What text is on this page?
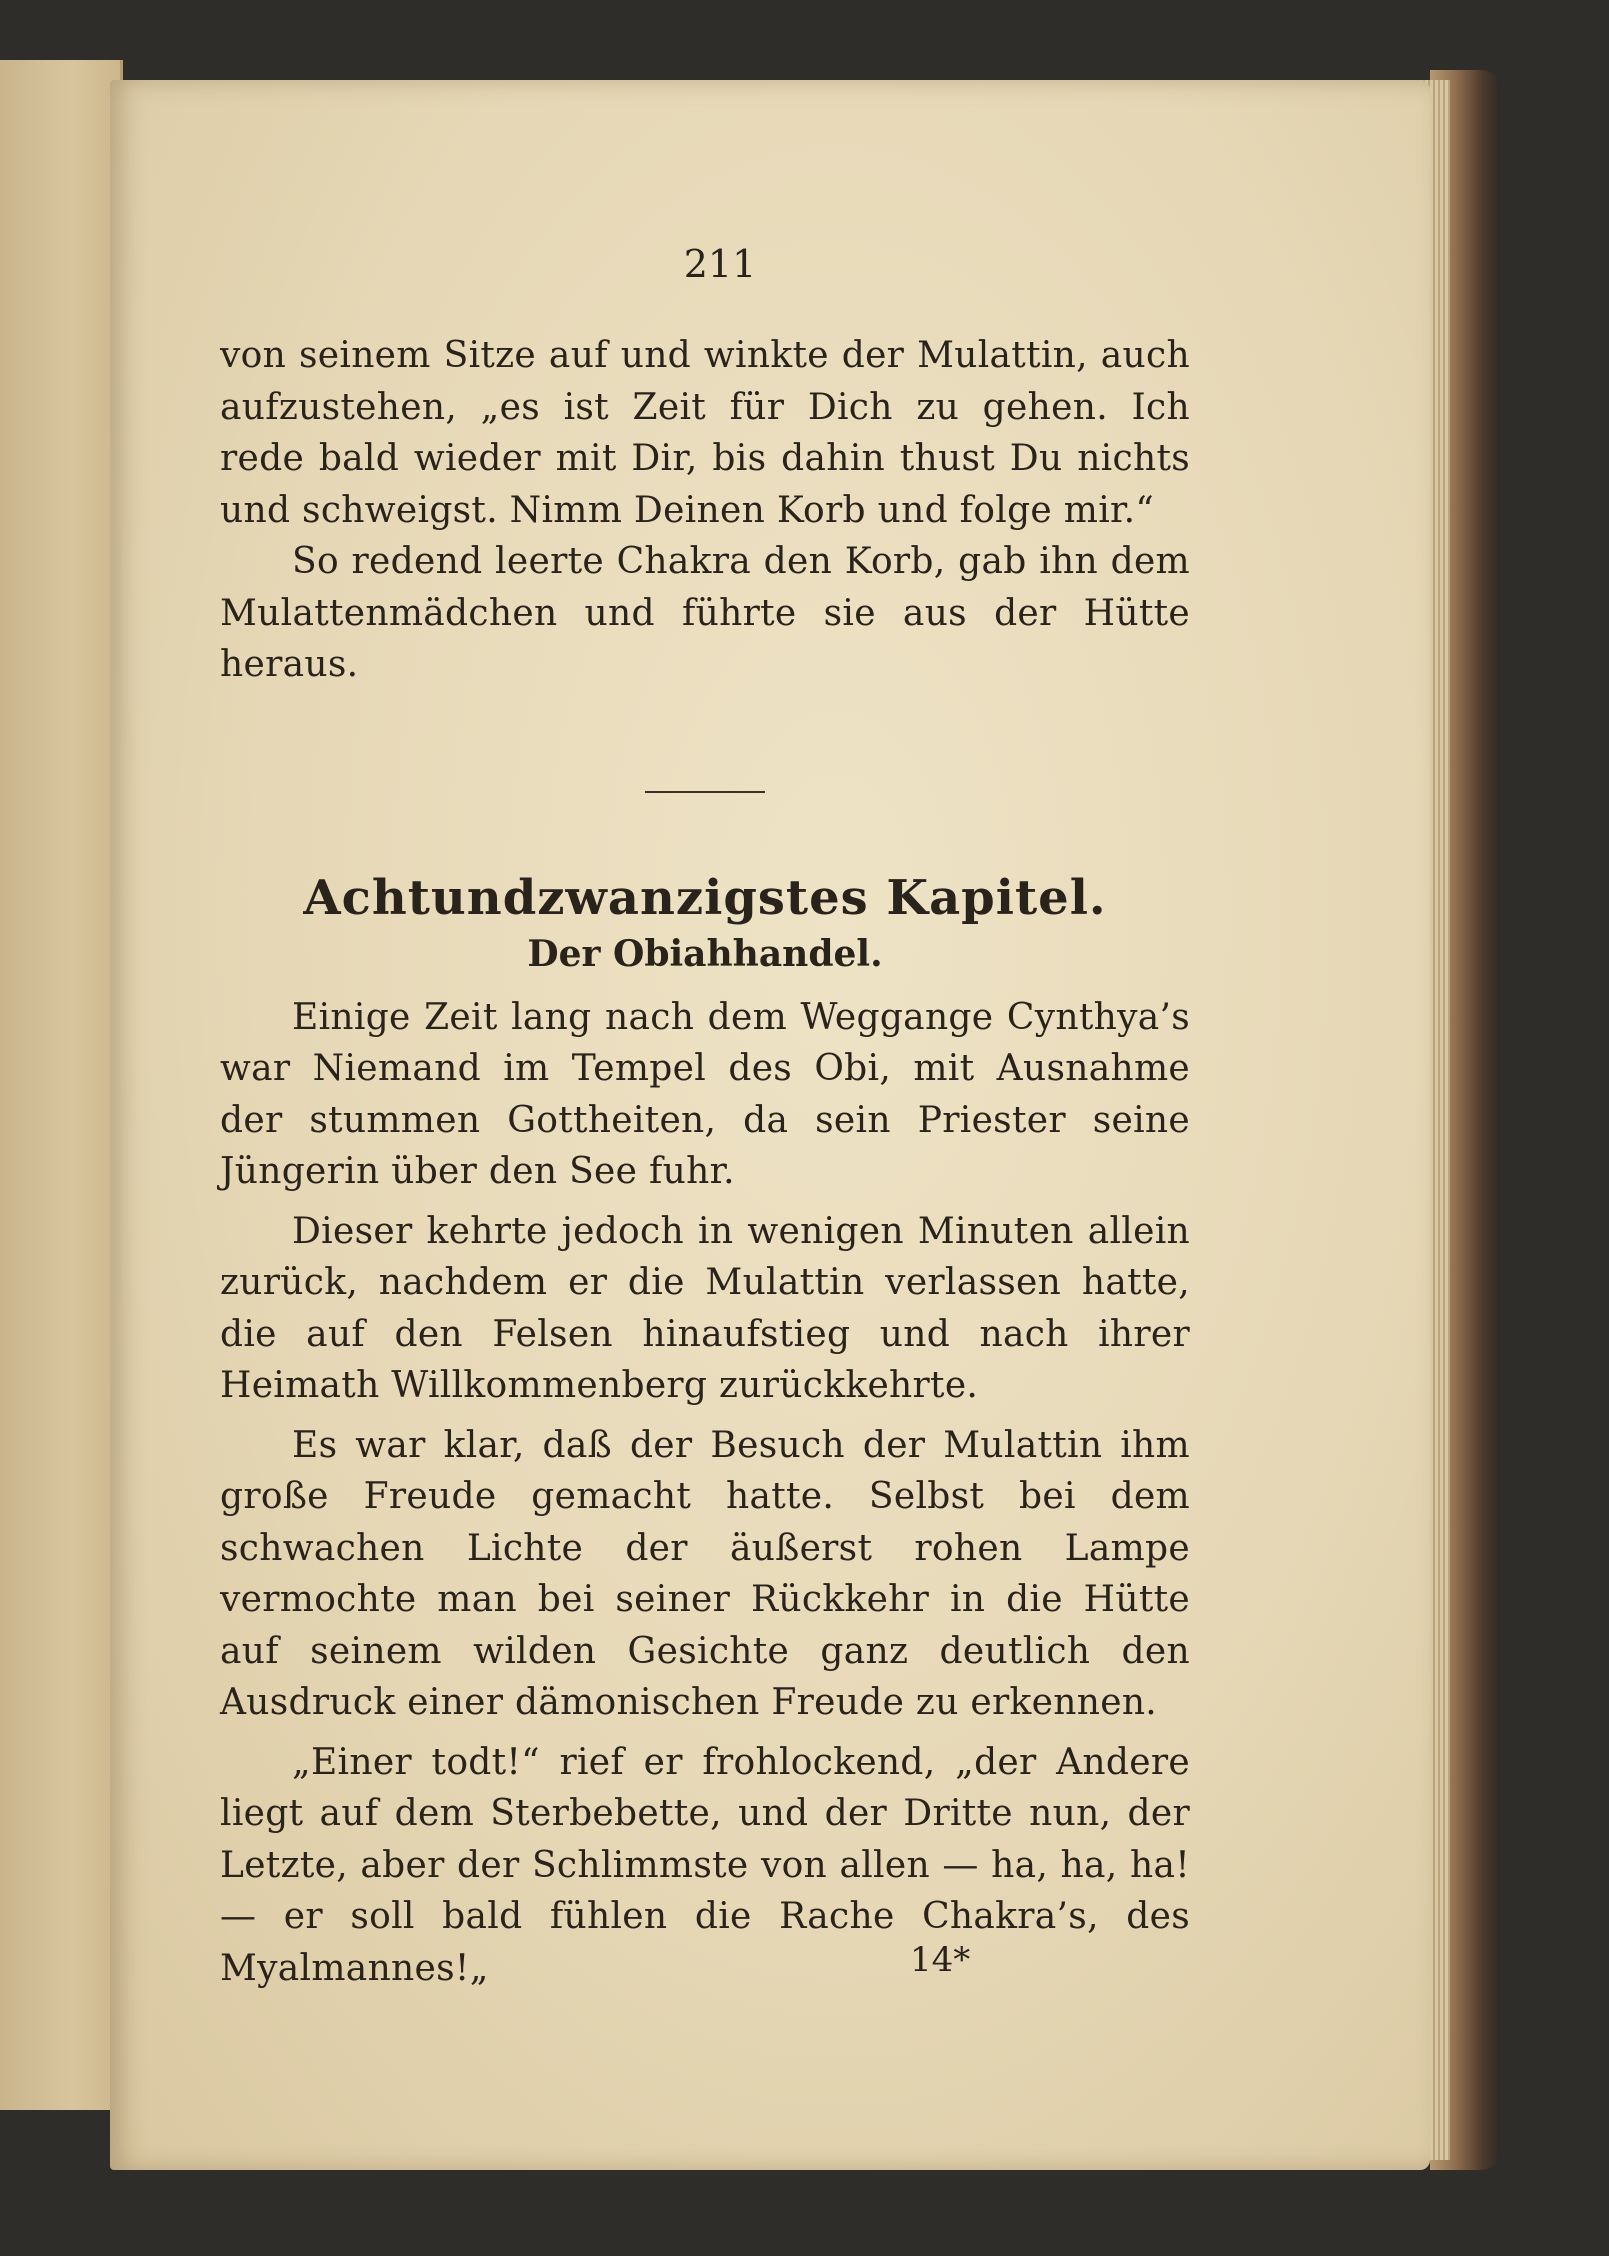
211

von seinem Sitze auf und winkte der Mulattin, auch aufzustehen, „es ist Zeit für Dich zu gehen. Ich rede bald wieder mit Dir, bis dahin thust Du nichts und schweigst. Nimm Deinen Korb und folge mir.“

So redend leerte Chakra den Korb, gab ihn dem Mulattenmädchen und führte sie aus der Hütte heraus.

Achtundzwanzigstes Kapitel.
Der Obiahhandel.

Einige Zeit lang nach dem Weggange Cynthya’s war Niemand im Tempel des Obi, mit Ausnahme der stummen Gottheiten, da sein Priester seine Jüngerin über den See fuhr.

Dieser kehrte jedoch in wenigen Minuten allein zurück, nachdem er die Mulattin verlassen hatte, die auf den Felsen hinaufstieg und nach ihrer Heimath Willkommenberg zurückkehrte.

Es war klar, daß der Besuch der Mulattin ihm große Freude gemacht hatte. Selbst bei dem schwachen Lichte der äußerst rohen Lampe vermochte man bei seiner Rückkehr in die Hütte auf seinem wilden Gesichte ganz deutlich den Ausdruck einer dämonischen Freude zu erkennen.

„Einer todt!“ rief er frohlockend, „der Andere liegt auf dem Sterbebette, und der Dritte nun, der Letzte, aber der Schlimmste von allen — ha, ha, ha! — er soll bald fühlen die Rache Chakra’s, des Myalmannes!„	14*
